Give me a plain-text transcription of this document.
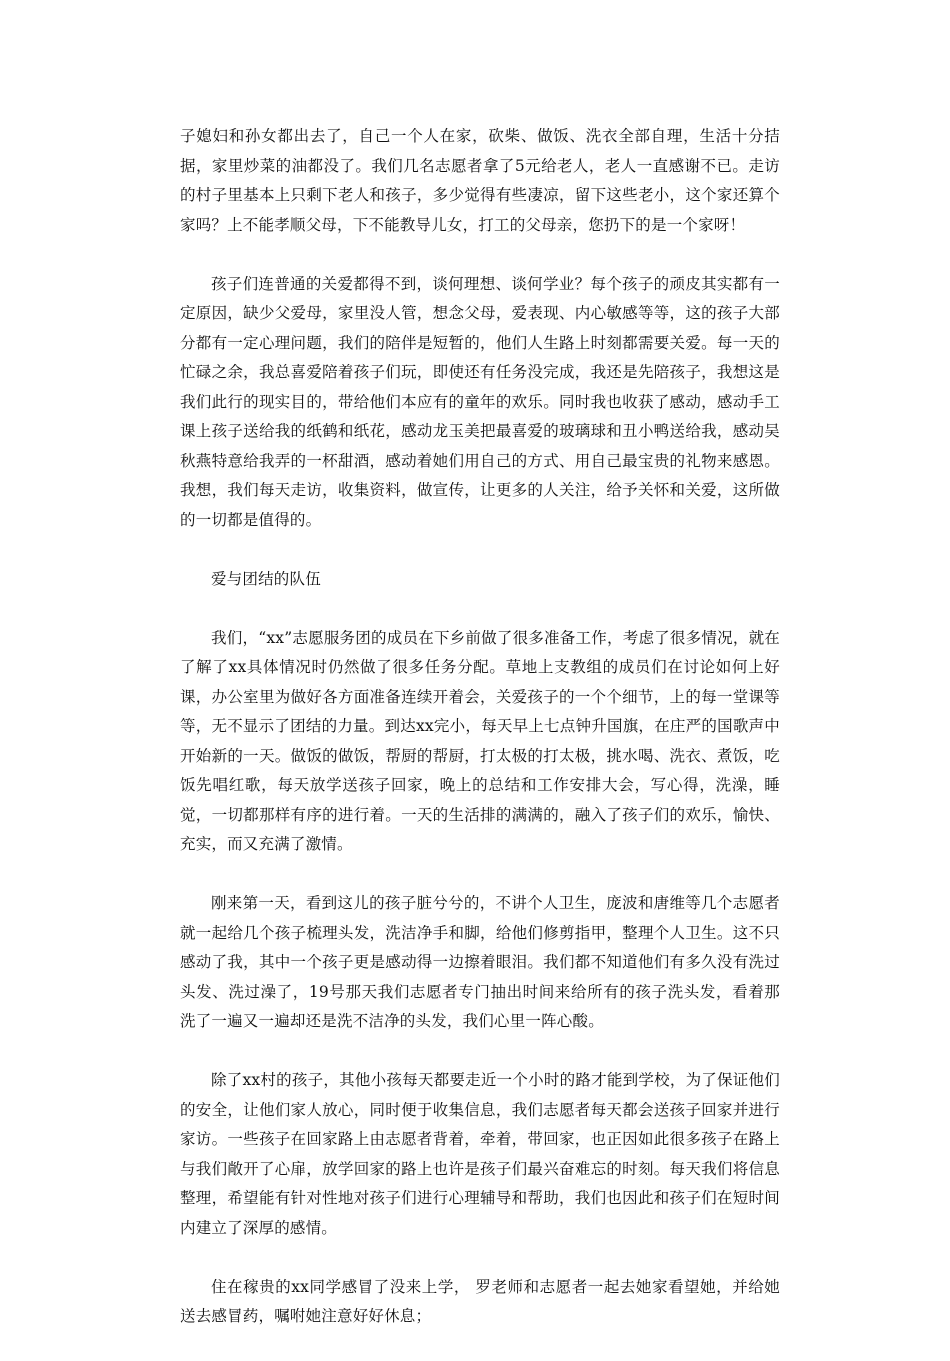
子媳妇和孙女都出去了，自己一个人在家，砍柴、做饭、洗衣全部自理，生活十分拮据，家里炒菜的油都没了。我们几名志愿者拿了5元给老人，老人一直感谢不已。走访的村子里基本上只剩下老人和孩子，多少觉得有些凄凉，留下这些老小，这个家还算个家吗？上不能孝顺父母，下不能教导儿女，打工的父母亲，您扔下的是一个家呀！

孩子们连普通的关爱都得不到，谈何理想、谈何学业？每个孩子的顽皮其实都有一定原因，缺少父爱母，家里没人管，想念父母，爱表现、内心敏感等等，这的孩子大部分都有一定心理问题，我们的陪伴是短暂的，他们人生路上时刻都需要关爱。每一天的忙碌之余，我总喜爱陪着孩子们玩，即使还有任务没完成，我还是先陪孩子，我想这是我们此行的现实目的，带给他们本应有的童年的欢乐。同时我也收获了感动，感动手工课上孩子送给我的纸鹤和纸花，感动龙玉美把最喜爱的玻璃球和丑小鸭送给我，感动吴秋燕特意给我弄的一杯甜酒，感动着她们用自己的方式、用自己最宝贵的礼物来感恩。我想，我们每天走访，收集资料，做宣传，让更多的人关注，给予关怀和关爱，这所做的一切都是值得的。

爱与团结的队伍

我们，“xx”志愿服务团的成员在下乡前做了很多准备工作，考虑了很多情况，就在了解了xx具体情况时仍然做了很多任务分配。草地上支教组的成员们在讨论如何上好课，办公室里为做好各方面准备连续开着会，关爱孩子的一个个细节，上的每一堂课等等，无不显示了团结的力量。到达xx完小，每天早上七点钟升国旗，在庄严的国歌声中开始新的一天。做饭的做饭，帮厨的帮厨，打太极的打太极，挑水喝、洗衣、煮饭，吃饭先唱红歌，每天放学送孩子回家，晚上的总结和工作安排大会，写心得，洗澡，睡觉，一切都那样有序的进行着。一天的生活排的满满的，融入了孩子们的欢乐，愉快、充实，而又充满了激情。

刚来第一天，看到这儿的孩子脏兮兮的，不讲个人卫生，庞波和唐维等几个志愿者就一起给几个孩子梳理头发，洗洁净手和脚，给他们修剪指甲，整理个人卫生。这不只感动了我，其中一个孩子更是感动得一边擦着眼泪。我们都不知道他们有多久没有洗过头发、洗过澡了，19号那天我们志愿者专门抽出时间来给所有的孩子洗头发，看着那洗了一遍又一遍却还是洗不洁净的头发，我们心里一阵心酸。

除了xx村的孩子，其他小孩每天都要走近一个小时的路才能到学校，为了保证他们的安全，让他们家人放心，同时便于收集信息，我们志愿者每天都会送孩子回家并进行家访。一些孩子在回家路上由志愿者背着，牵着，带回家，也正因如此很多孩子在路上与我们敞开了心扉，放学回家的路上也许是孩子们最兴奋难忘的时刻。每天我们将信息整理，希望能有针对性地对孩子们进行心理辅导和帮助，我们也因此和孩子们在短时间内建立了深厚的感情。

住在稼贵的xx同学感冒了没来上学， 罗老师和志愿者一起去她家看望她，并给她送去感冒药，嘱咐她注意好好休息；
